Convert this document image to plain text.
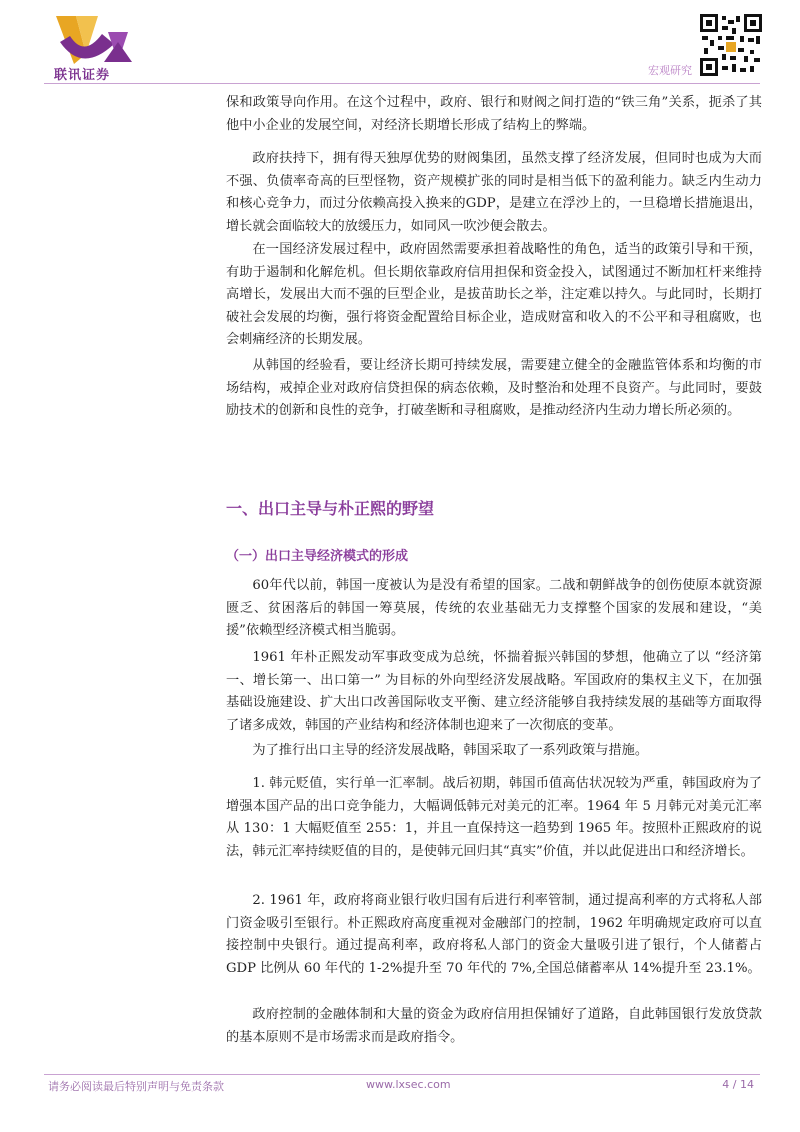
联讯证券	宏观研究

保和政策导向作用。在这个过程中，政府、银行和财阀之间打造的“铁三角”关系，扼杀了其他中小企业的发展空间，对经济长期增长形成了结构上的弊端。

政府扶持下，拥有得天独厚优势的财阀集团，虽然支撑了经济发展，但同时也成为大而不强、负债率奇高的巨型怪物，资产规模扩张的同时是相当低下的盈利能力。缺乏内生动力和核心竞争力，而过分依赖高投入换来的GDP，是建立在浮沙上的，一旦稳增长措施退出，增长就会面临较大的放缓压力，如同风一吹沙便会散去。

在一国经济发展过程中，政府固然需要承担着战略性的角色，适当的政策引导和干预，有助于遏制和化解危机。但长期依靠政府信用担保和资金投入，试图通过不断加杠杆来维持高增长，发展出大而不强的巨型企业，是拔苗助长之举，注定难以持久。与此同时，长期打破社会发展的均衡，强行将资金配置给目标企业，造成财富和收入的不公平和寻租腐败，也会刺痛经济的长期发展。

从韩国的经验看，要让经济长期可持续发展，需要建立健全的金融监管体系和均衡的市场结构，戒掉企业对政府信贷担保的病态依赖，及时整治和处理不良资产。与此同时，要鼓励技术的创新和良性的竞争，打破垄断和寻租腐败，是推动经济内生动力增长所必须的。

一、出口主导与朴正熙的野望
（一）出口主导经济模式的形成

60年代以前，韩国一度被认为是没有希望的国家。二战和朝鲜战争的创伤使原本就资源匮乏、贫困落后的韩国一筹莫展，传统的农业基础无力支撑整个国家的发展和建设，“美援”依赖型经济模式相当脆弱。

1961 年朴正熙发动军事政变成为总统，怀揣着振兴韩国的梦想，他确立了以 “经济第一、增长第一、出口第一” 为目标的外向型经济发展战略。军国政府的集权主义下，在加强基础设施建设、扩大出口改善国际收支平衡、建立经济能够自我持续发展的基础等方面取得了诸多成效，韩国的产业结构和经济体制也迎来了一次彻底的变革。

为了推行出口主导的经济发展战略，韩国采取了一系列政策与措施。

1. 韩元贬值，实行单一汇率制。战后初期，韩国币值高估状况较为严重，韩国政府为了增强本国产品的出口竞争能力，大幅调低韩元对美元的汇率。1964 年 5 月韩元对美元汇率从 130：1 大幅贬值至 255：1，并且一直保持这一趋势到 1965 年。按照朴正熙政府的说法，韩元汇率持续贬值的目的，是使韩元回归其“真实”价值，并以此促进出口和经济增长。

2. 1961 年，政府将商业银行收归国有后进行利率管制，通过提高利率的方式将私人部门资金吸引至银行。朴正熙政府高度重视对金融部门的控制，1962 年明确规定政府可以直接控制中央银行。通过提高利率，政府将私人部门的资金大量吸引进了银行，个人储蓄占 GDP 比例从 60 年代的 1-2%提升至 70 年代的 7%,全国总储蓄率从 14%提升至 23.1%。

政府控制的金融体制和大量的资金为政府信用担保铺好了道路，自此韩国银行发放贷款的基本原则不是市场需求而是政府指令。

请务必阅读最后特别声明与免责条款	www.lxsec.com	4 / 14
